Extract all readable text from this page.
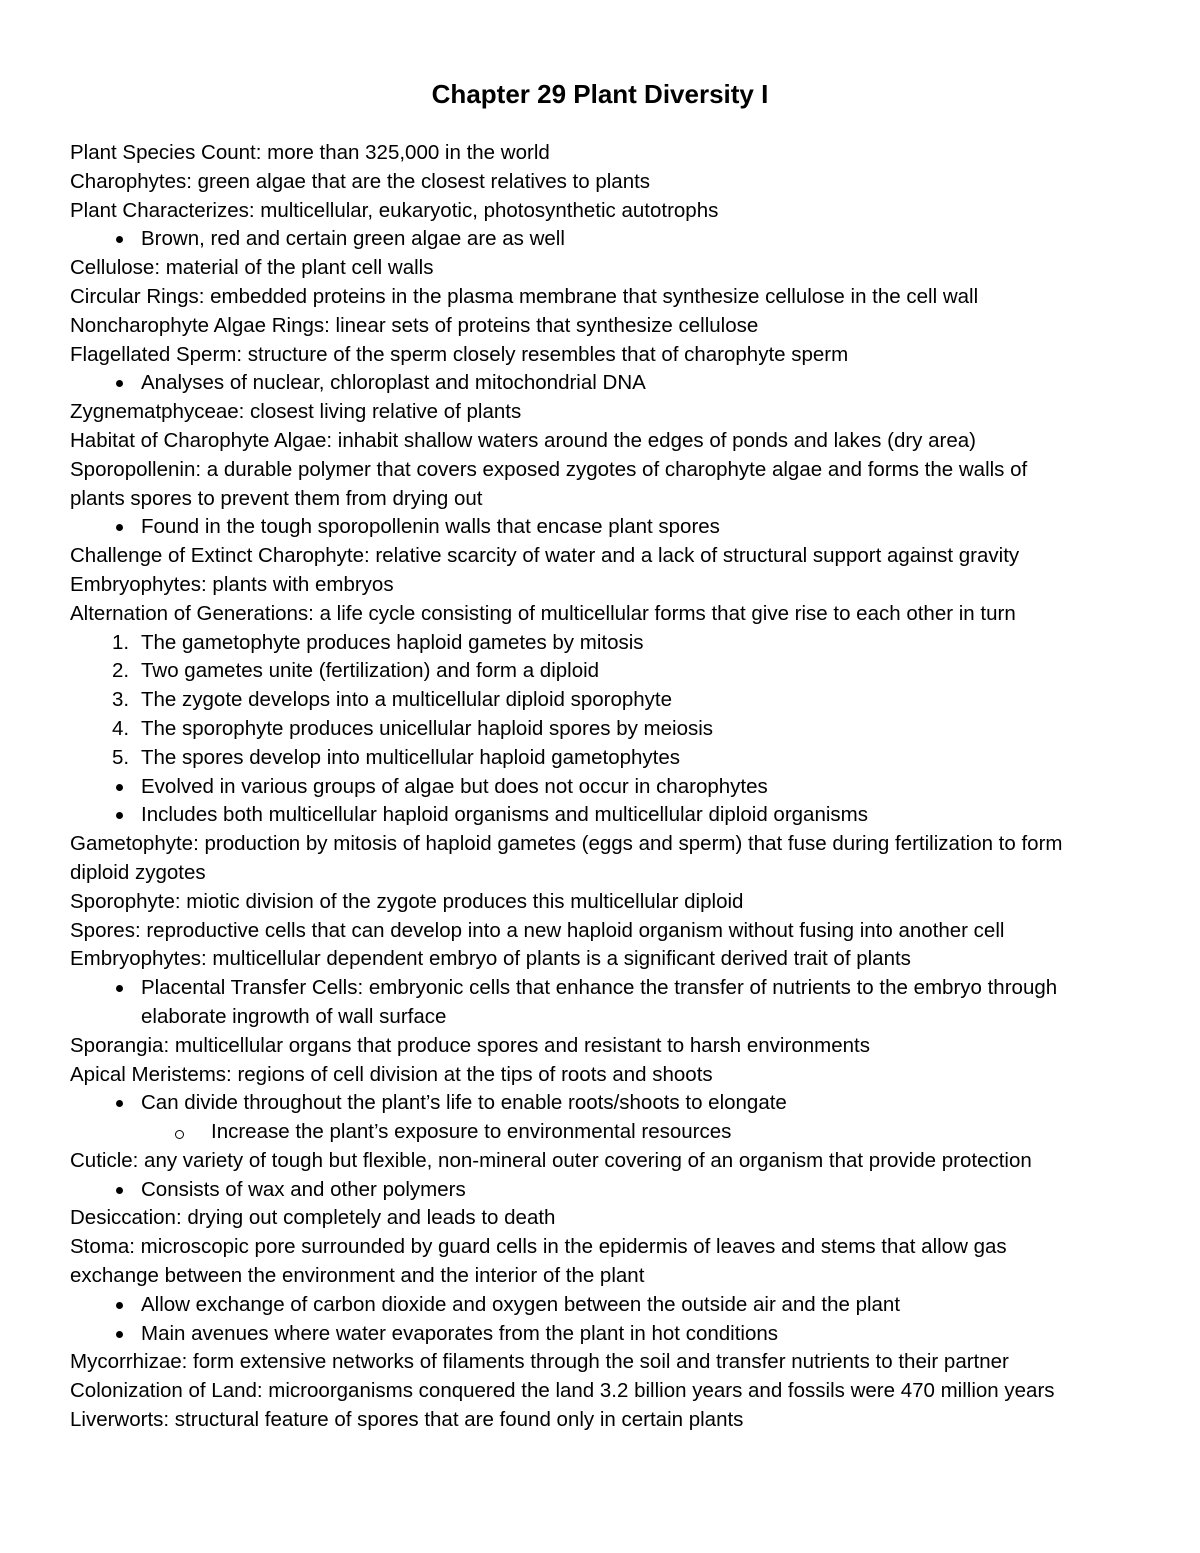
Chapter 29 Plant Diversity I
Plant Species Count: more than 325,000 in the world
Charophytes: green algae that are the closest relatives to plants
Plant Characterizes: multicellular, eukaryotic, photosynthetic autotrophs
Brown, red and certain green algae are as well
Cellulose: material of the plant cell walls
Circular Rings: embedded proteins in the plasma membrane that synthesize cellulose in the cell wall
Noncharophyte Algae Rings: linear sets of proteins that synthesize cellulose
Flagellated Sperm: structure of the sperm closely resembles that of charophyte sperm
Analyses of nuclear, chloroplast and mitochondrial DNA
Zygnematphyceae: closest living relative of plants
Habitat of Charophyte Algae: inhabit shallow waters around the edges of ponds and lakes (dry area)
Sporopollenin: a durable polymer that covers exposed zygotes of charophyte algae and forms the walls of
plants spores to prevent them from drying out
Found in the tough sporopollenin walls that encase plant spores
Challenge of Extinct Charophyte: relative scarcity of water and a lack of structural support against gravity
Embryophytes: plants with embryos
Alternation of Generations: a life cycle consisting of multicellular forms that give rise to each other in turn
1. The gametophyte produces haploid gametes by mitosis
2. Two gametes unite (fertilization) and form a diploid
3. The zygote develops into a multicellular diploid sporophyte
4. The sporophyte produces unicellular haploid spores by meiosis
5. The spores develop into multicellular haploid gametophytes
Evolved in various groups of algae but does not occur in charophytes
Includes both multicellular haploid organisms and multicellular diploid organisms
Gametophyte: production by mitosis of haploid gametes (eggs and sperm) that fuse during fertilization to form
diploid zygotes
Sporophyte: miotic division of the zygote produces this multicellular diploid
Spores: reproductive cells that can develop into a new haploid organism without fusing into another cell
Embryophytes: multicellular dependent embryo of plants is a significant derived trait of plants
Placental Transfer Cells: embryonic cells that enhance the transfer of nutrients to the embryo through
elaborate ingrowth of wall surface
Sporangia: multicellular organs that produce spores and resistant to harsh environments
Apical Meristems: regions of cell division at the tips of roots and shoots
Can divide throughout the plant’s life to enable roots/shoots to elongate
Increase the plant’s exposure to environmental resources
Cuticle: any variety of tough but flexible, non-mineral outer covering of an organism that provide protection
Consists of wax and other polymers
Desiccation: drying out completely and leads to death
Stoma: microscopic pore surrounded by guard cells in the epidermis of leaves and stems that allow gas
exchange between the environment and the interior of the plant
Allow exchange of carbon dioxide and oxygen between the outside air and the plant
Main avenues where water evaporates from the plant in hot conditions
Mycorrhizae: form extensive networks of filaments through the soil and transfer nutrients to their partner
Colonization of Land: microorganisms conquered the land 3.2 billion years and fossils were 470 million years
Liverworts: structural feature of spores that are found only in certain plants
